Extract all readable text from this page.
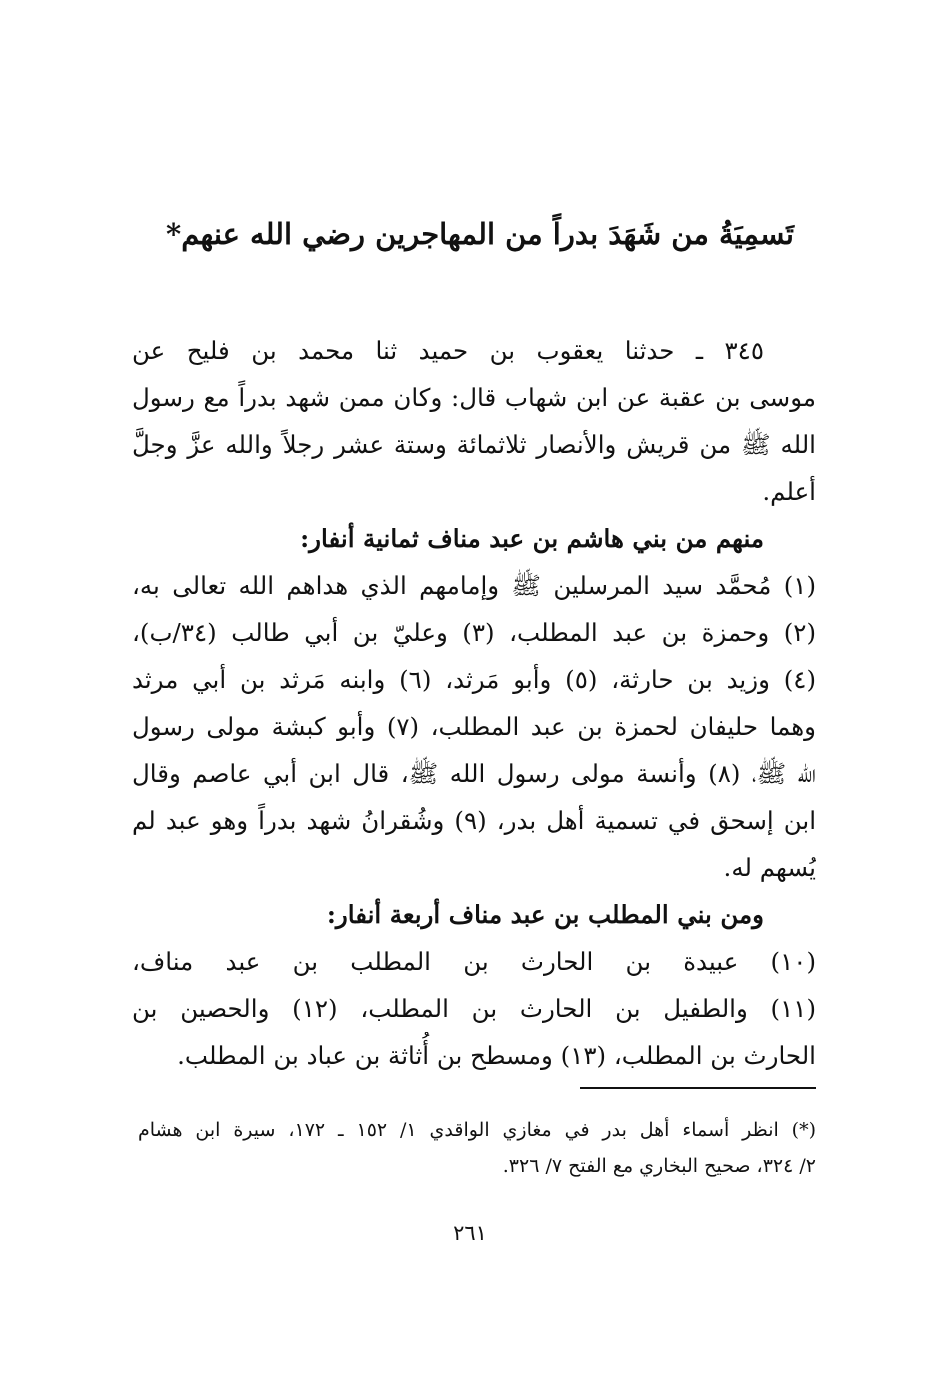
تَسمِيَةُ من شَهَدَ بدراً من المهاجرين رضي الله عنهم*
٣٤٥ ـ حدثنا يعقوب بن حميد ثنا محمد بن فليح عن
موسى بن عقبة عن ابن شهاب قال: وكان ممن شهد بدراً مع رسول
الله ﷺ من قريش والأنصار ثلاثمائة وستة عشر رجلاً والله عزَّ وجلَّ
أعلم.
منهم من بني هاشم بن عبد مناف ثمانية أنفار:
(١) مُحمَّد سيد المرسلين ﷺ وإمامهم الذي هداهم الله تعالى به،
(٢) وحمزة بن عبد المطلب، (٣) وعليّ بن أبي طالب (٣٤/ب)،
(٤) وزيد بن حارثة، (٥) وأبو مَرثد، (٦) وابنه مَرثد بن أبي مرثد
وهما حليفان لحمزة بن عبد المطلب، (٧) وأبو كبشة مولى رسول
الله ﷺ، (٨) وأنسة مولى رسول الله ﷺ، قال ابن أبي عاصم وقال
ابن إسحق في تسمية أهل بدر، (٩) وشُقرانُ شهد بدراً وهو عبد لم
يُسهم له.
ومن بني المطلب بن عبد مناف أربعة أنفار:
(١٠) عبيدة بن الحارث بن المطلب بن عبد مناف،
(١١) والطفيل بن الحارث بن المطلب، (١٢) والحصين بن
الحارث بن المطلب، (١٣) ومسطح بن أُثاثة بن عباد بن المطلب.
(*) انظر أسماء أهل بدر في مغازي الواقدي ١/ ١٥٢ ـ ١٧٢، سيرة ابن هشام
٢/ ٣٢٤، صحيح البخاري مع الفتح ٧/ ٣٢٦.
٢٦١
